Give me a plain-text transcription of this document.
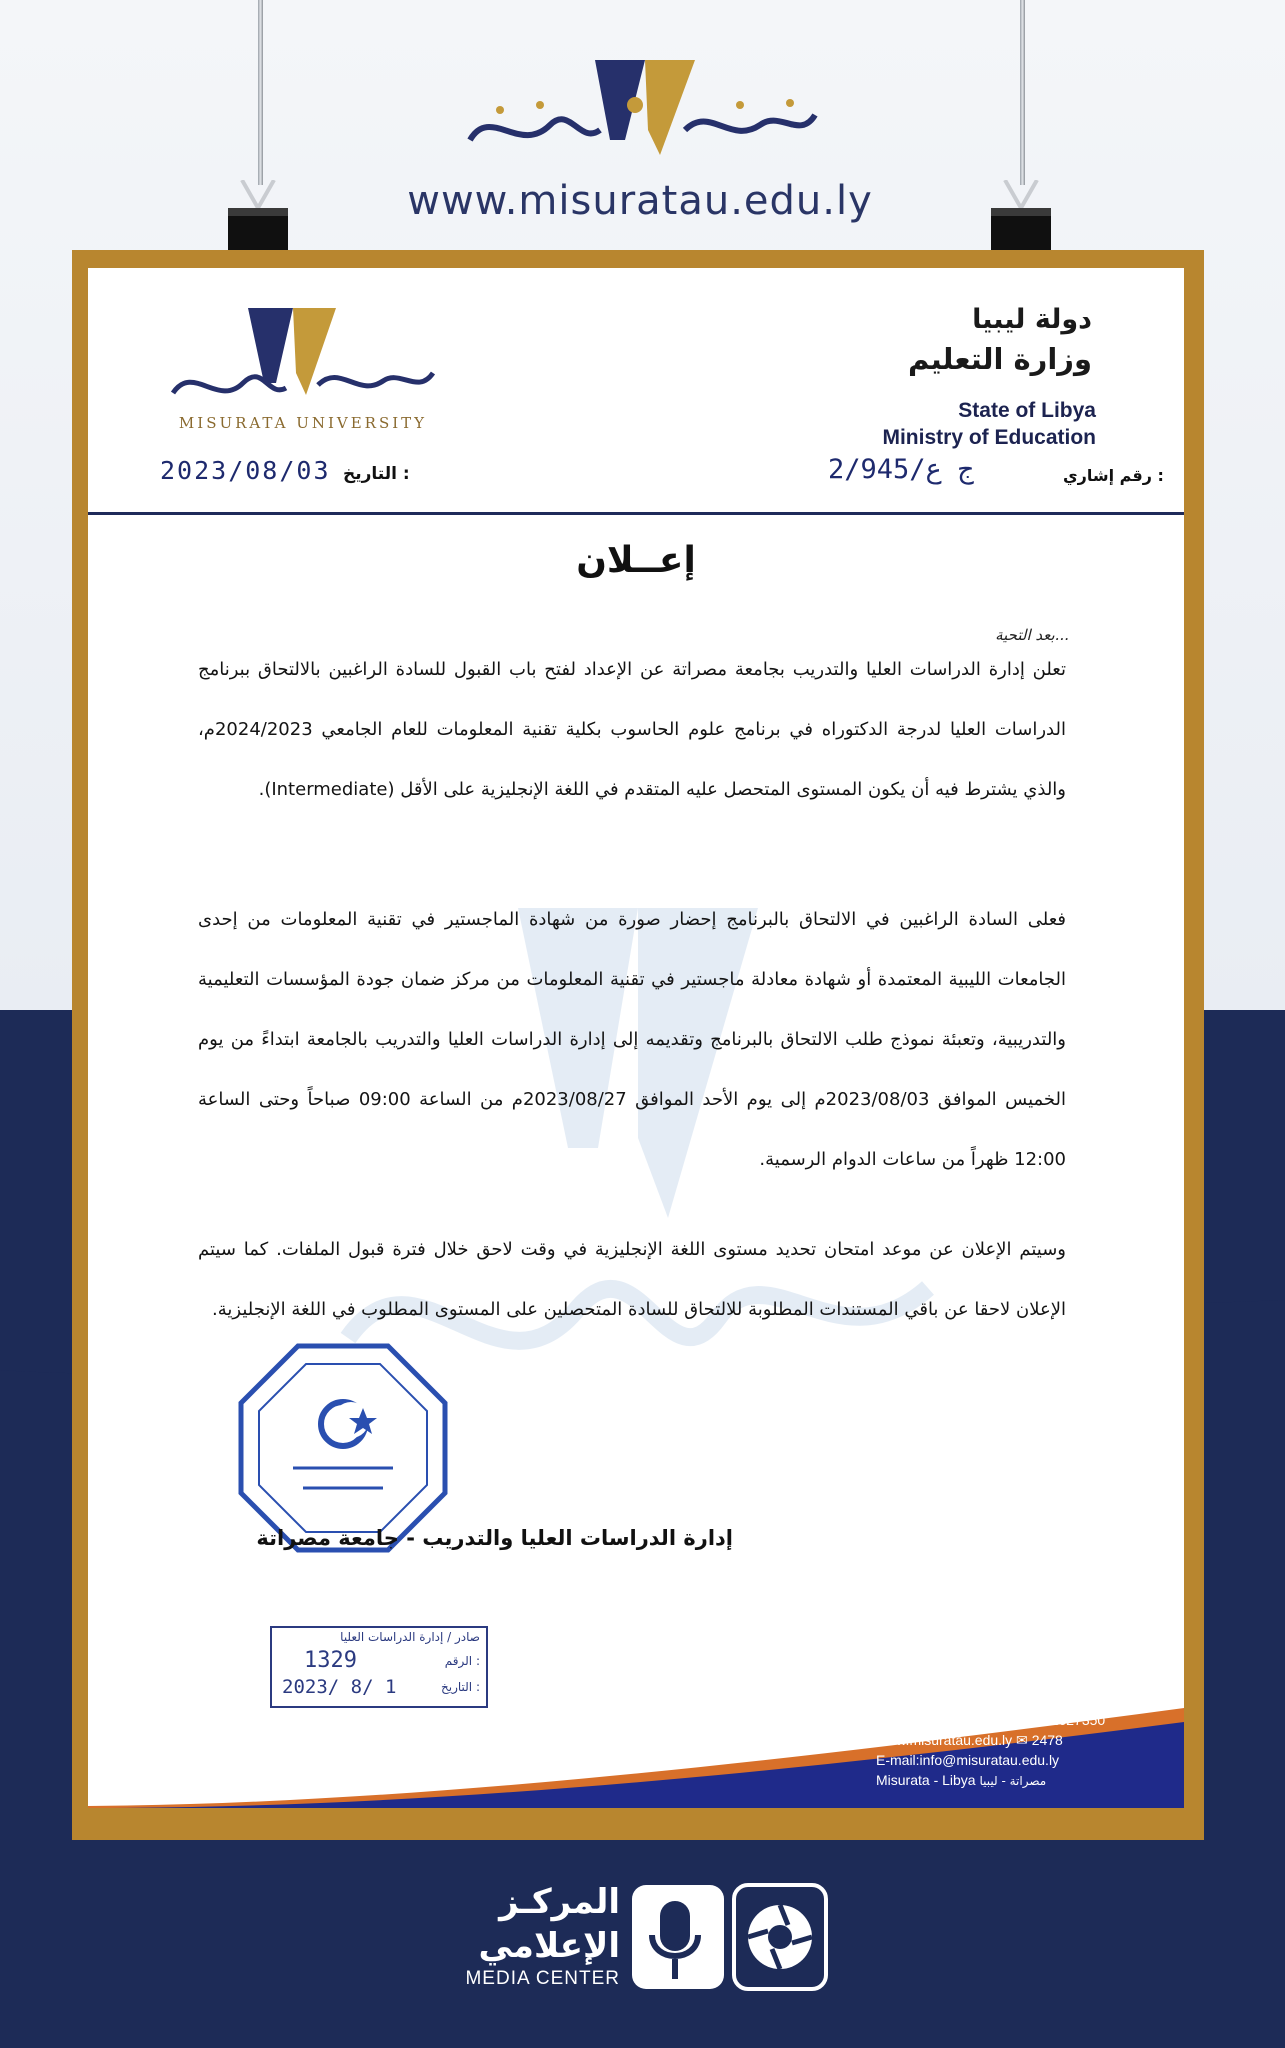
www.misuratau.edu.ly
دولة ليبيا
وزارة التعليم
State of Libya
Ministry of Education
رقم إشاري :
2/945/ج ع
MISURATA UNIVERSITY
التاريخ :
2023/08/03
إعــلان
بعد التحية...
تعلن إدارة الدراسات العليا والتدريب بجامعة مصراتة عن الإعداد لفتح باب القبول للسادة الراغبين بالالتحاق ببرنامج الدراسات العليا لدرجة الدكتوراه في برنامج علوم الحاسوب بكلية تقنية المعلومات للعام الجامعي 2024/2023م، والذي يشترط فيه أن يكون المستوى المتحصل عليه المتقدم في اللغة الإنجليزية على الأقل (Intermediate).
فعلى السادة الراغبين في الالتحاق بالبرنامج إحضار صورة من شهادة الماجستير في تقنية المعلومات من إحدى الجامعات الليبية المعتمدة أو شهادة معادلة ماجستير في تقنية المعلومات من مركز ضمان جودة المؤسسات التعليمية والتدريبية، وتعبئة نموذج طلب الالتحاق بالبرنامج وتقديمه إلى إدارة الدراسات العليا والتدريب بالجامعة ابتداءً من يوم الخميس الموافق 2023/08/03م إلى يوم الأحد الموافق 2023/08/27م من الساعة 09:00 صباحاً وحتى الساعة 12:00 ظهراً من ساعات الدوام الرسمية.
وسيتم الإعلان عن موعد امتحان تحديد مستوى اللغة الإنجليزية في وقت لاحق خلال فترة قبول الملفات. كما سيتم الإعلان لاحقا عن باقي المستندات المطلوبة للالتحاق للسادة المتحصلين على المستوى المطلوب في اللغة الإنجليزية.
إدارة الدراسات العليا والتدريب - جامعة مصراتة
صادر / إدارة الدراسات العليا
الرقم :
1329
التاريخ :
2023/ 8/ 1
☎ 051/2627203-2627202 - 2627350
www.misuratau.edu.ly ✉ 2478
E-mail:info@misuratau.edu.ly
Misurata - Libya مصراتة - ليبيا
المركـز
الإعلامي
MEDIA CENTER
